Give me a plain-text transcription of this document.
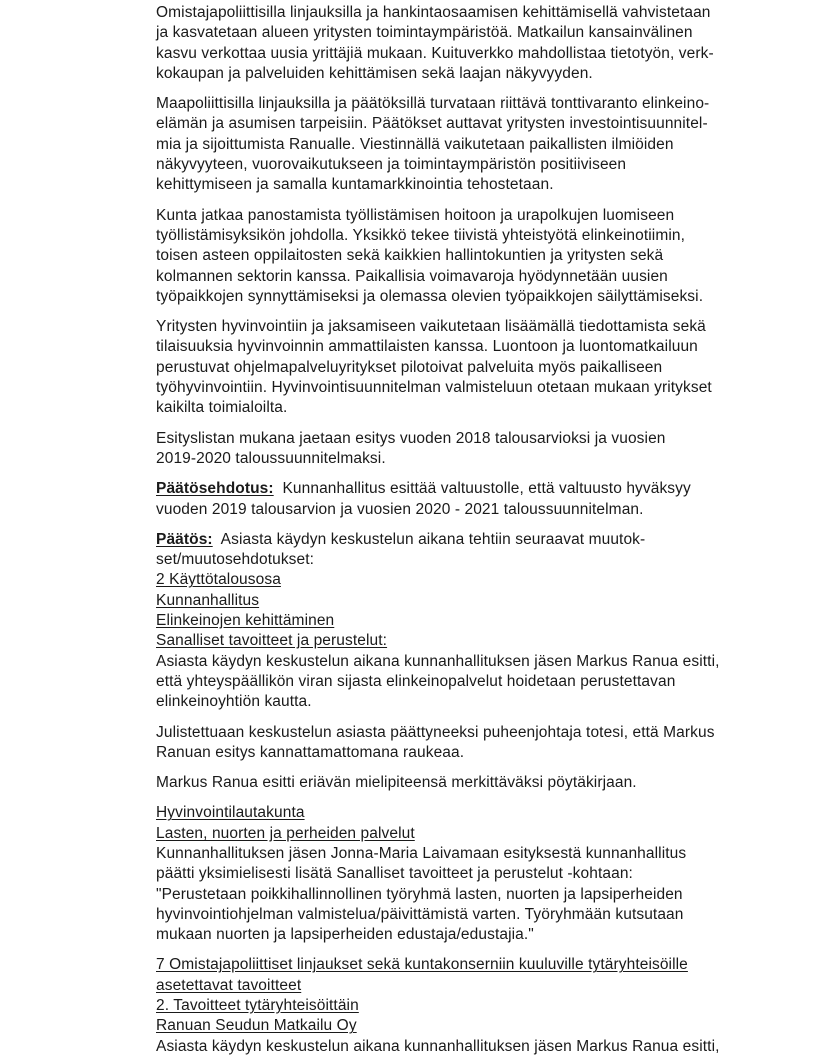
Omistajapoliittisilla linjauksilla ja hankintaosaamisen kehittämisellä vahvistetaan
ja kasvatetaan alueen yritysten toimintaympäristöä. Matkailun kansainvälinen
kasvu verkottaa uusia yrittäjiä mukaan. Kuituverkko mahdollistaa tietotyön, verk-
kokaupan ja palveluiden kehittämisen sekä laajan näkyvyyden.
Maapoliittisilla linjauksilla ja päätöksillä turvataan riittävä tonttivaranto elinkeino-
elämän ja asumisen tarpeisiin. Päätökset auttavat yritysten investointisuunnitel-
mia ja sijoittumista Ranualle. Viestinnällä vaikutetaan paikallisten ilmiöiden
näkyvyyteen, vuorovaikutukseen ja toimintaympäristön positiiviseen
kehittymiseen ja samalla kuntamarkkinointia tehostetaan.
Kunta jatkaa panostamista työllistämisen hoitoon ja urapolkujen luomiseen
työllistämisyksikön johdolla. Yksikkö tekee tiivistä yhteistyötä elinkeinotiimin,
toisen asteen oppilaitosten sekä kaikkien hallintokuntien ja yritysten sekä
kolmannen sektorin kanssa. Paikallisia voimavaroja hyödynnetään uusien
työpaikkojen synnyttämiseksi ja olemassa olevien työpaikkojen säilyttämiseksi.
Yritysten hyvinvointiin ja jaksamiseen vaikutetaan lisäämällä tiedottamista sekä
tilaisuuksia hyvinvoinnin ammattilaisten kanssa. Luontoon ja luontomatkailuun
perustuvat ohjelmapalveluyritykset pilotoivat palveluita myös paikalliseen
työhyvinvointiin. Hyvinvointisuunnitelman valmisteluun otetaan mukaan yritykset
kaikilta toimialoilta.
Esityslistan mukana jaetaan esitys vuoden 2018 talousarvioksi ja vuosien
2019-2020 taloussuunnitelmaksi.
Päätösehdotus:  Kunnanhallitus esittää valtuustolle, että valtuusto hyväksyy
vuoden 2019 talousarvion ja vuosien 2020 - 2021 taloussuunnitelman.
Päätös:  Asiasta käydyn keskustelun aikana tehtiin seuraavat muutok-
set/muutosehdotukset:
2 Käyttötalousosa
Kunnanhallitus
Elinkeinojen kehittäminen
Sanalliset tavoitteet ja perustelut:
Asiasta käydyn keskustelun aikana kunnanhallituksen jäsen Markus Ranua esitti,
että yhteyspäällikön viran sijasta elinkeinopalvelut hoidetaan perustettavan
elinkeinoyhtiön kautta.
Julistettuaan keskustelun asiasta päättyneeksi puheenjohtaja totesi, että Markus
Ranuan esitys kannattamattomana raukeaa.
Markus Ranua esitti eriävän mielipiteensä merkittäväksi pöytäkirjaan.
Hyvinvointilautakunta
Lasten, nuorten ja perheiden palvelut
Kunnanhallituksen jäsen Jonna-Maria Laivamaan esityksestä kunnanhallitus
päätti yksimielisesti lisätä Sanalliset tavoitteet ja perustelut -kohtaan:
"Perustetaan poikkihallinnollinen työryhmä lasten, nuorten ja lapsiperheiden
hyvinvointiohjelman valmistelua/päivittämistä varten. Työryhmään kutsutaan
mukaan nuorten ja lapsiperheiden edustaja/edustajia."
7 Omistajapoliittiset linjaukset sekä kuntakonserniin kuuluville tytäryhteisöille
asetettavat tavoitteet
2. Tavoitteet tytäryhteisöittäin
Ranuan Seudun Matkailu Oy
Asiasta käydyn keskustelun aikana kunnanhallituksen jäsen Markus Ranua esitti,
